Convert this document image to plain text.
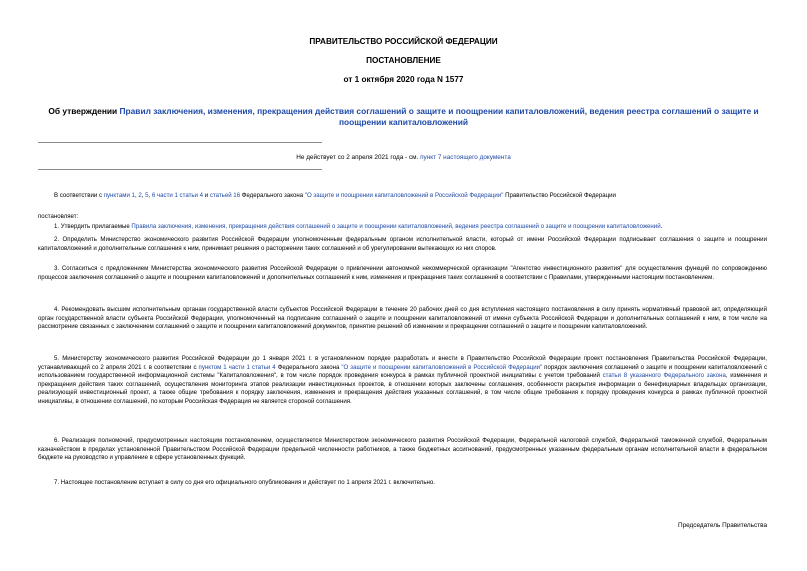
ПРАВИТЕЛЬСТВО РОССИЙСКОЙ ФЕДЕРАЦИИ
ПОСТАНОВЛЕНИЕ
от 1 октября 2020 года N 1577
Об утверждении Правил заключения, изменения, прекращения действия соглашений о защите и поощрении капиталовложений, ведения реестра соглашений о защите и поощрении капиталовложений
Не действует со 2 апреля 2021 года - см. пункт 7 настоящего документа
В соответствии с пунктами 1, 2, 5, 6 части 1 статьи 4 и статьей 16 Федерального закона "О защите и поощрении капиталовложений в Российской Федерации" Правительство Российской Федерации
постановляет:
1. Утвердить прилагаемые Правила заключения, изменения, прекращения действия соглашений о защите и поощрении капиталовложений, ведения реестра соглашений о защите и поощрении капиталовложений.
2. Определить Министерство экономического развития Российской Федерации уполномоченным федеральным органом исполнительной власти, который от имени Российской Федерации подписывает соглашения о защите и поощрении капиталовложений и дополнительные соглашения к ним, принимает решения о расторжении таких соглашений и об урегулировании вытекающих из них споров.
3. Согласиться с предложением Министерства экономического развития Российской Федерации о привлечении автономной некоммерческой организации "Агентство инвестиционного развития" для осуществления функций по сопровождению процессов заключения соглашений о защите и поощрении капиталовложений и дополнительных соглашений к ним, изменения и прекращения таких соглашений в соответствии с Правилами, утвержденными настоящим постановлением.
4. Рекомендовать высшим исполнительным органам государственной власти субъектов Российской Федерации в течение 20 рабочих дней со дня вступления настоящего постановления в силу принять нормативный правовой акт, определяющий орган государственной власти субъекта Российской Федерации, уполномоченный на подписание соглашений о защите и поощрении капиталовложений от имени субъекта Российской Федерации и дополнительных соглашений к ним, в том числе на рассмотрение связанных с заключением соглашений о защите и поощрении капиталовложений документов, принятие решений об изменении и прекращении соглашений о защите и поощрении капиталовложений.
5. Министерству экономического развития Российской Федерации до 1 января 2021 г. в установленном порядке разработать и внести в Правительство Российской Федерации проект постановления Правительства Российской Федерации, устанавливающий со 2 апреля 2021 г. в соответствии с пунктом 1 части 1 статьи 4 Федерального закона "О защите и поощрении капиталовложений в Российской Федерации" порядок заключения соглашений о защите и поощрении капиталовложений с использованием государственной информационной системы "Капиталовложения", в том числе порядок проведения конкурса в рамках публичной проектной инициативы с учетом требований статьи 8 указанного Федерального закона, изменения и прекращения действия таких соглашений, осуществления мониторинга этапов реализации инвестиционных проектов, в отношении которых заключены соглашения, особенности раскрытия информации о бенефициарных владельцах организации, реализующей инвестиционный проект, а также общие требования к порядку заключения, изменения и прекращения действия указанных соглашений, в том числе общие требования к порядку проведения конкурса в рамках публичной проектной инициативы, в отношении соглашений, по которым Российская Федерация не является стороной соглашения.
6. Реализация полномочий, предусмотренных настоящим постановлением, осуществляется Министерством экономического развития Российской Федерации, Федеральной налоговой службой, Федеральной таможенной службой, Федеральным казначейством в пределах установленной Правительством Российской Федерации предельной численности работников, а также бюджетных ассигнований, предусмотренных указанным федеральным органам исполнительной власти в федеральном бюджете на руководство и управление в сфере установленных функций.
7. Настоящее постановление вступает в силу со дня его официального опубликования и действует по 1 апреля 2021 г. включительно.
Председатель Правительства
